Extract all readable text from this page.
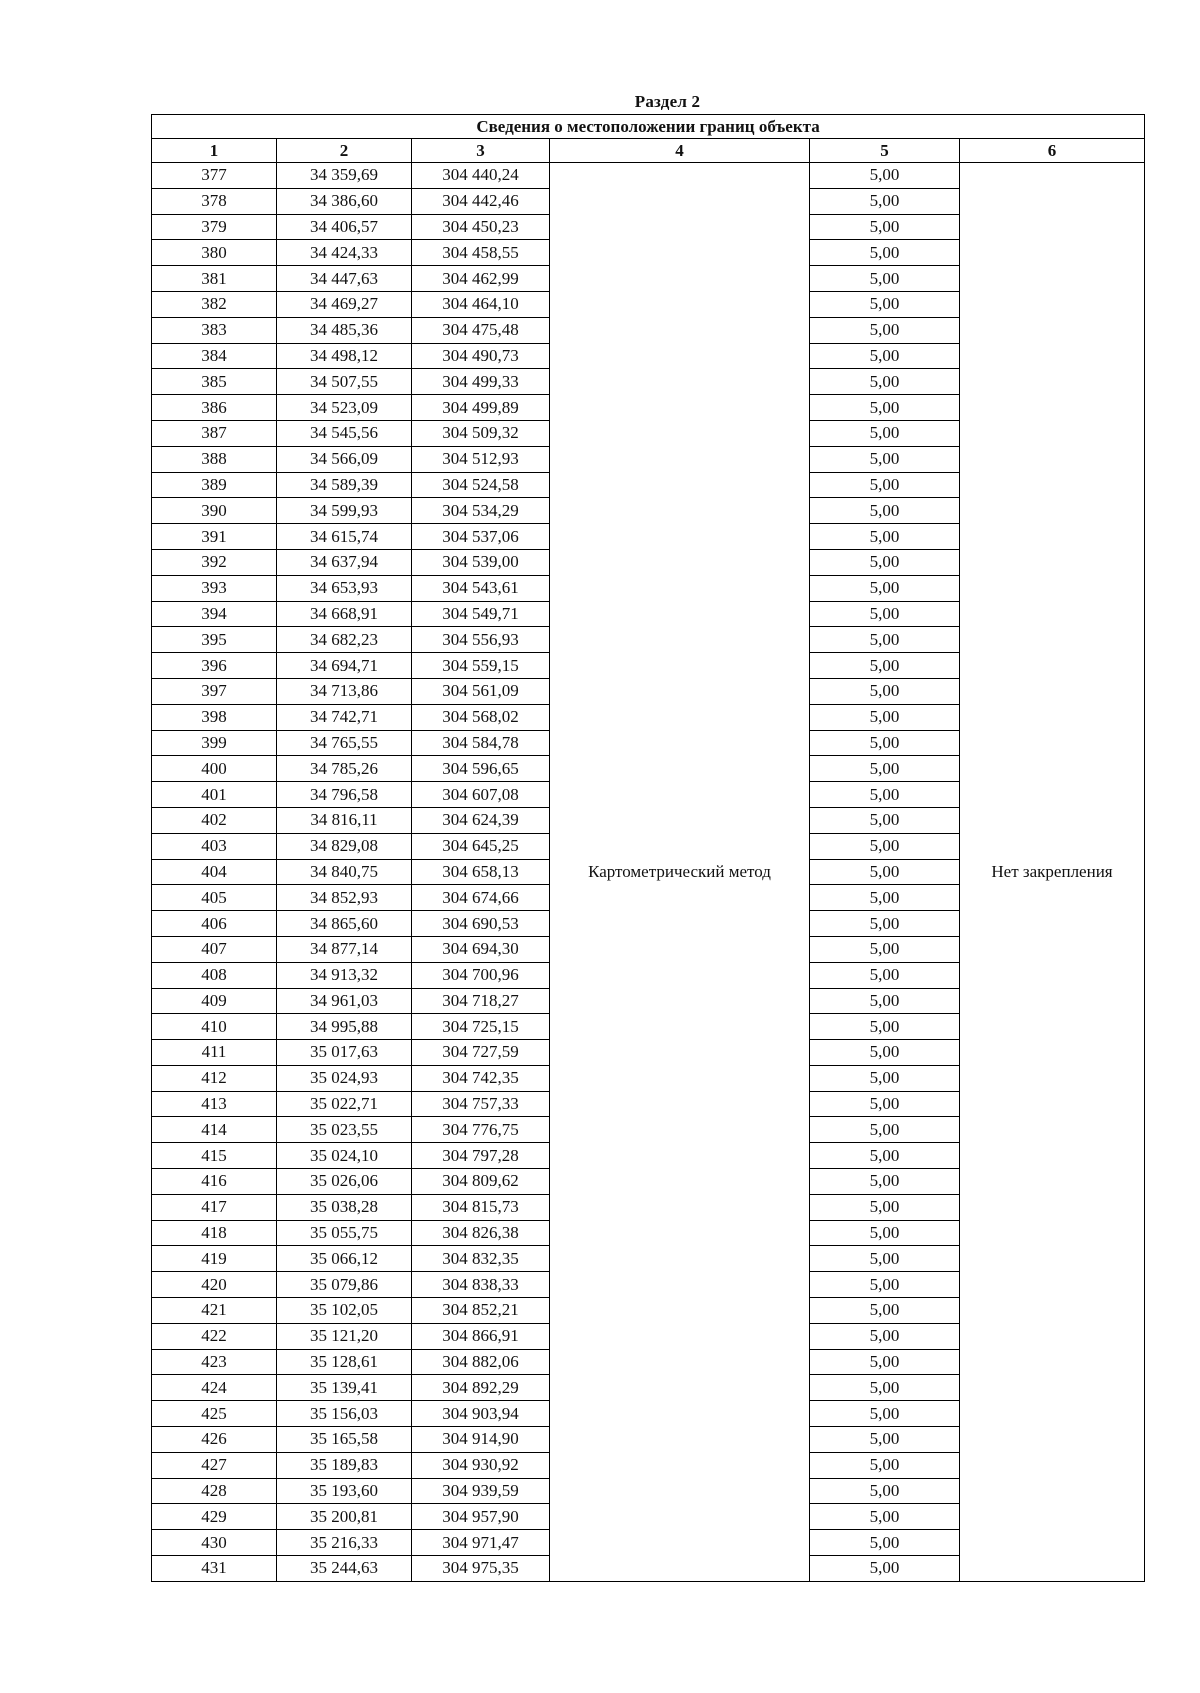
Раздел 2
Сведения о местоположении границ объекта					
1	2	3	4	5	6
377	34 359,69	304 440,24	Картометрический метод	5,00	Нет закрепления
378	34 386,60	304 442,46		5,00	
379	34 406,57	304 450,23		5,00	
380	34 424,33	304 458,55		5,00	
381	34 447,63	304 462,99		5,00	
382	34 469,27	304 464,10		5,00	
383	34 485,36	304 475,48		5,00	
384	34 498,12	304 490,73		5,00	
385	34 507,55	304 499,33		5,00	
386	34 523,09	304 499,89		5,00	
387	34 545,56	304 509,32		5,00	
388	34 566,09	304 512,93		5,00	
389	34 589,39	304 524,58		5,00	
390	34 599,93	304 534,29		5,00	
391	34 615,74	304 537,06		5,00	
392	34 637,94	304 539,00		5,00	
393	34 653,93	304 543,61		5,00	
394	34 668,91	304 549,71		5,00	
395	34 682,23	304 556,93		5,00	
396	34 694,71	304 559,15		5,00	
397	34 713,86	304 561,09		5,00	
398	34 742,71	304 568,02		5,00	
399	34 765,55	304 584,78		5,00	
400	34 785,26	304 596,65		5,00	
401	34 796,58	304 607,08		5,00	
402	34 816,11	304 624,39		5,00	
403	34 829,08	304 645,25		5,00	
404	34 840,75	304 658,13		5,00	
405	34 852,93	304 674,66		5,00	
406	34 865,60	304 690,53		5,00	
407	34 877,14	304 694,30		5,00	
408	34 913,32	304 700,96		5,00	
409	34 961,03	304 718,27		5,00	
410	34 995,88	304 725,15		5,00	
411	35 017,63	304 727,59		5,00	
412	35 024,93	304 742,35		5,00	
413	35 022,71	304 757,33		5,00	
414	35 023,55	304 776,75		5,00	
415	35 024,10	304 797,28		5,00	
416	35 026,06	304 809,62		5,00	
417	35 038,28	304 815,73		5,00	
418	35 055,75	304 826,38		5,00	
419	35 066,12	304 832,35		5,00	
420	35 079,86	304 838,33		5,00	
421	35 102,05	304 852,21		5,00	
422	35 121,20	304 866,91		5,00	
423	35 128,61	304 882,06		5,00	
424	35 139,41	304 892,29		5,00	
425	35 156,03	304 903,94		5,00	
426	35 165,58	304 914,90		5,00	
427	35 189,83	304 930,92		5,00	
428	35 193,60	304 939,59		5,00	
429	35 200,81	304 957,90		5,00	
430	35 216,33	304 971,47		5,00	
431	35 244,63	304 975,35		5,00	
